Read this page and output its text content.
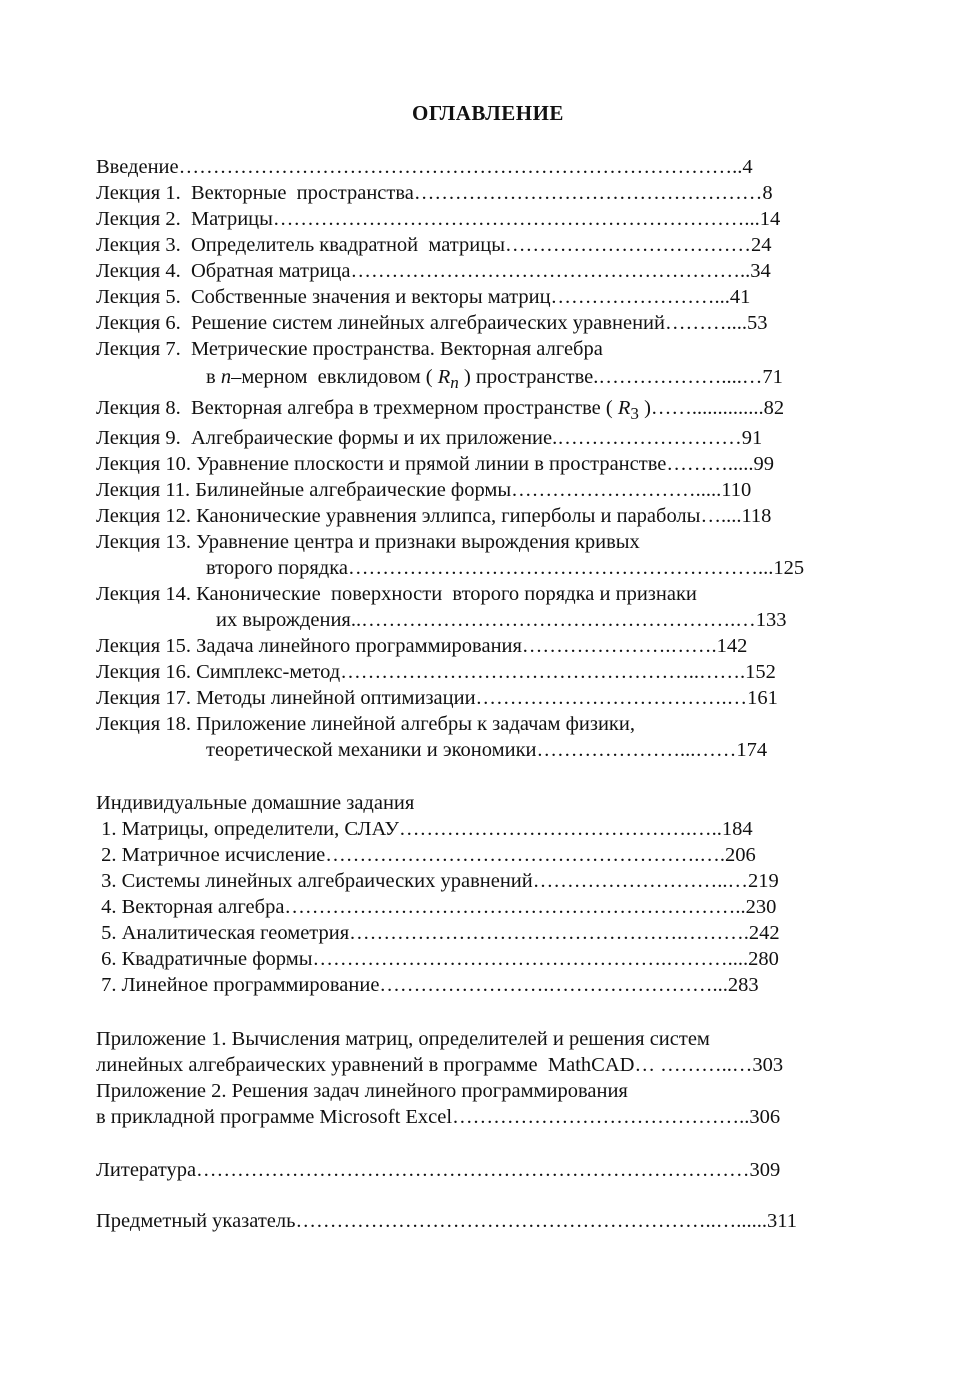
ОГЛАВЛЕНИЕ
Введение………………………………………………………………………..4
Лекция 1.  Векторные  пространства……………………………………………8
Лекция 2.  Матрицы……………………………………………………………...14
Лекция 3.  Определитель квадратной  матрицы………………………………24
Лекция 4.  Обратная матрица…………………………………………………..34
Лекция 5.  Собственные значения и векторы матриц……………………...41
Лекция 6.  Решение систем линейных алгебраических уравнений………....53
Лекция 7.  Метрические пространства. Векторная алгебра
в n–мерном  евклидовом ( $R_n$ ) пространстве.………………....…71
Лекция 8.  Векторная алгебра в трехмерном пространстве ( $R_3$ )……..............82
Лекция 9.  Алгебраические формы и их приложение.………………………91
Лекция 10. Уравнение плоскости и прямой линии в пространстве……….....99
Лекция 11. Билинейные алгебраические формы……………………….....110
Лекция 12. Канонические уравнения эллипса, гиперболы и параболы…....118
Лекция 13. Уравнение центра и признаки вырождения кривых
второго порядка……………………………………………………...125
Лекция 14. Канонические  поверхности  второго порядка и признаки
их вырождения..……………………………………………….…133
Лекция 15. Задача линейного программирования………………….…….142
Лекция 16. Симплекс-метод……………………………………………..…….152
Лекция 17. Методы линейной оптимизации……………………………….…161
Лекция 18. Приложение линейной алгебры к задачам физики,
теоретической механики и экономики…………………...……174
Индивидуальные домашние задания
1. Матрицы, определители, СЛАУ…………………………………….…..184
2. Матричное исчисление……………………………………………….….206
3. Системы линейных алгебраических уравнений………………………..…219
4. Векторная алгебра…………………………………………………………..230
5. Аналитическая геометрия………………………………………….……….242
6. Квадратичные формы…………………………………………….………....280
7. Линейное программирование…………………….……………………...283
Приложение 1. Вычисления матриц, определителей и решения систем
линейных алгебраических уравнений в программе  MathCAD… ………..…303
Приложение 2. Решения задач линейного программирования
в прикладной программе Microsoft Excel……………………………………..306
Литература………………………………………………………………………309
Предметный указатель……………………………………………………..…......311
